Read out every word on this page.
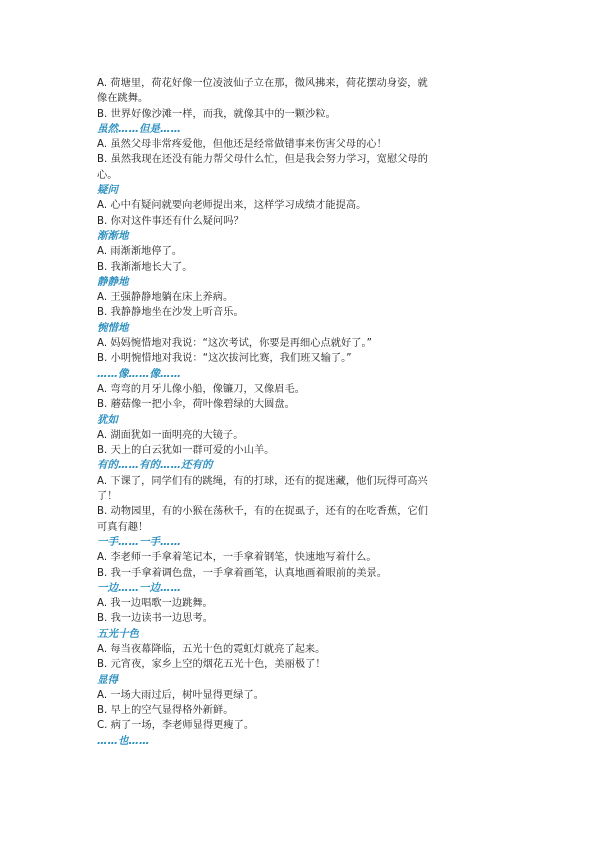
A. 荷塘里，荷花好像一位凌波仙子立在那，微风拂来，荷花摆动身姿，就
像在跳舞。
B. 世界好像沙滩一样，而我，就像其中的一颗沙粒。
虽然……但是……
A. 虽然父母非常疼爱他，但他还是经常做错事来伤害父母的心！
B. 虽然我现在还没有能力帮父母什么忙，但是我会努力学习，宽慰父母的
心。
疑问
A. 心中有疑问就要向老师提出来，这样学习成绩才能提高。
B. 你对这件事还有什么疑问吗？
渐渐地
A. 雨渐渐地停了。
B. 我渐渐地长大了。
静静地
A. 王强静静地躺在床上养病。
B. 我静静地坐在沙发上听音乐。
惋惜地
A. 妈妈惋惜地对我说：“这次考试，你要是再细心点就好了。”
B. 小明惋惜地对我说：“这次拔河比赛，我们班又输了。”
……像……像……
A. 弯弯的月牙儿像小船，像镰刀，又像眉毛。
B. 蘑菇像一把小伞，荷叶像碧绿的大圆盘。
犹如
A. 湖面犹如一面明亮的大镜子。
B. 天上的白云犹如一群可爱的小山羊。
有的……有的……还有的
A. 下课了，同学们有的跳绳，有的打球，还有的捉迷藏，他们玩得可高兴
了！
B. 动物园里，有的小猴在荡秋千，有的在捉虱子，还有的在吃香蕉，它们
可真有趣！
一手……一手……
A. 李老师一手拿着笔记本，一手拿着钢笔，快速地写着什么。
B. 我一手拿着调色盘，一手拿着画笔，认真地画着眼前的美景。
一边……一边……
A. 我一边唱歌一边跳舞。
B. 我一边读书一边思考。
五光十色
A. 每当夜幕降临，五光十色的霓虹灯就亮了起来。
B. 元宵夜，家乡上空的烟花五光十色，美丽极了！
显得
A. 一场大雨过后，树叶显得更绿了。
B. 早上的空气显得格外新鲜。
C. 病了一场，李老师显得更瘦了。
……也……
